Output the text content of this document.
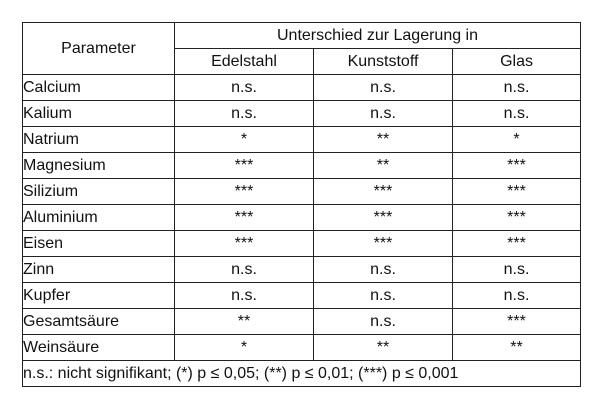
Parameter	Unterschied zur Lagerung in		
	Edelstahl	Kunststoff	Glas
Calcium	n.s.	n.s.	n.s.
Kalium	n.s.	n.s.	n.s.
Natrium	*	**	*
Magnesium	***	**	***
Silizium	***	***	***
Aluminium	***	***	***
Eisen	***	***	***
Zinn	n.s.	n.s.	n.s.
Kupfer	n.s.	n.s.	n.s.
Gesamtsäure	**	n.s.	***
Weinsäure	*	**	**
n.s.: nicht signifikant; (*) p ≤ 0,05; (**) p ≤ 0,01; (***) p ≤ 0,001			
